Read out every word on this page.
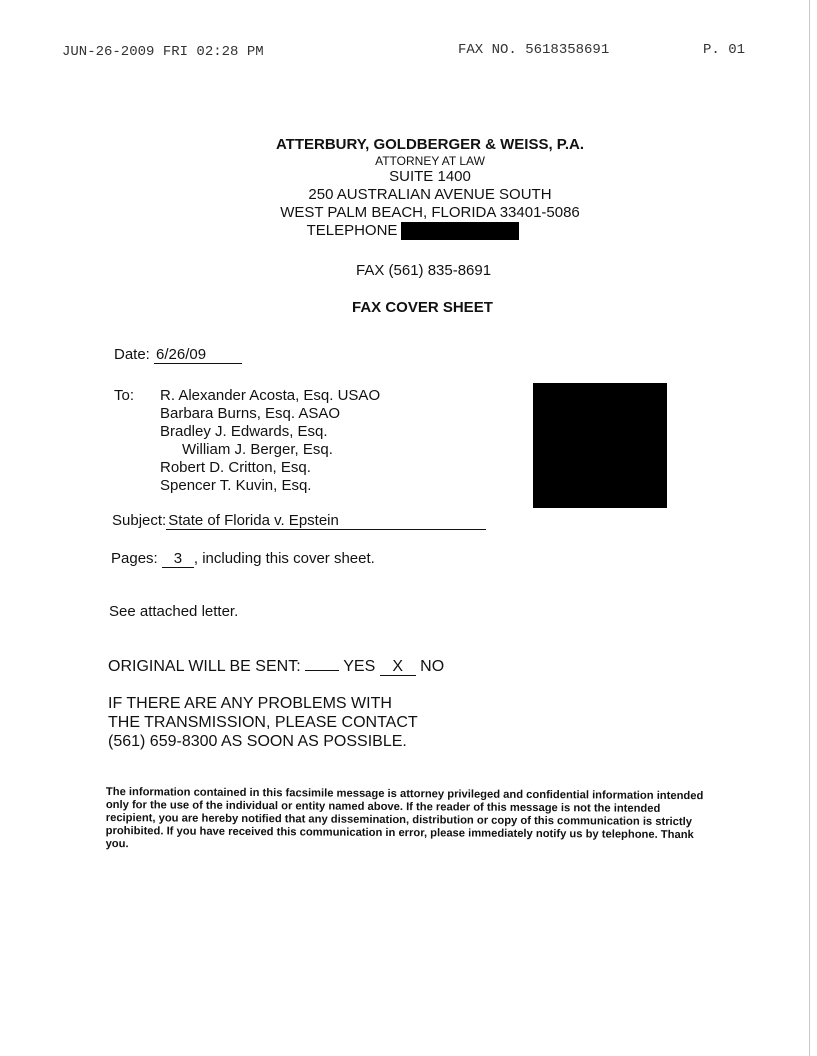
JUN-26-2009 FRI 02:28 PM	FAX NO. 5618358691	P. 01
ATTERBURY, GOLDBERGER & WEISS, P.A.
ATTORNEY AT LAW
SUITE 1400
250 AUSTRALIAN AVENUE SOUTH
WEST PALM BEACH, FLORIDA 33401-5086
TELEPHONE
FAX (561) 835-8691
FAX COVER SHEET
Date: 6/26/09
To: R. Alexander Acosta, Esq. USAO
Barbara Burns, Esq. ASAO
Bradley J. Edwards, Esq.
William J. Berger, Esq.
Robert D. Critton, Esq.
Spencer T. Kuvin, Esq.
Subject: State of Florida v. Epstein
Pages: 3 , including this cover sheet.
See attached letter.
ORIGINAL WILL BE SENT:	YES X NO
IF THERE ARE ANY PROBLEMS WITH
THE TRANSMISSION, PLEASE CONTACT
(561) 659-8300 AS SOON AS POSSIBLE.
The information contained in this facsimile message is attorney privileged and confidential information intended
only for the use of the individual or entity named above. If the reader of this message is not the intended
recipient, you are hereby notified that any dissemination, distribution or copy of this communication is strictly
prohibited. If you have received this communication in error, please immediately notify us by telephone. Thank
you.
